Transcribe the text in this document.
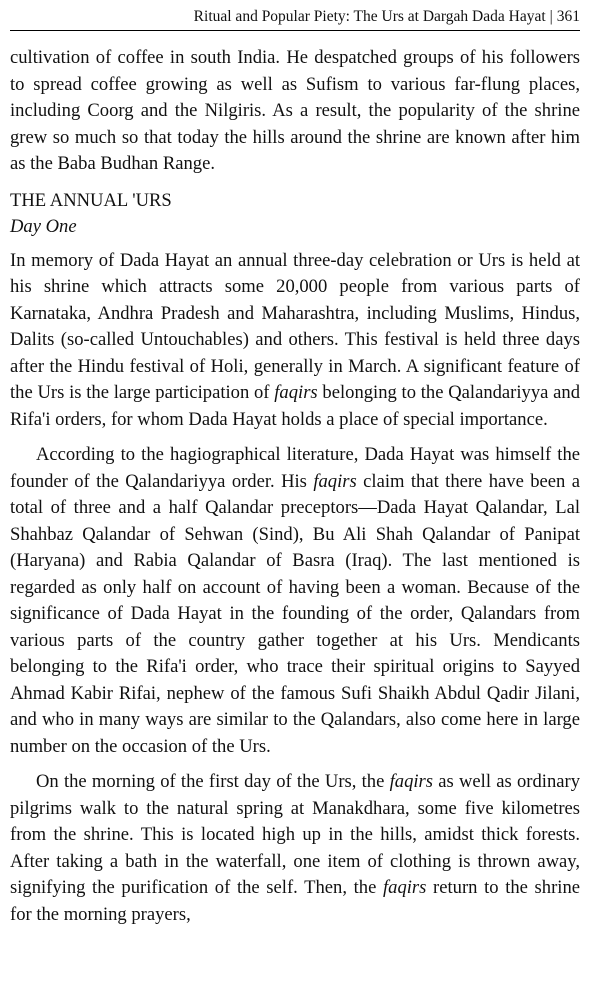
Ritual and Popular Piety: The Urs at Dargah Dada Hayat | 361

cultivation of coffee in south India. He despatched groups of his followers to spread coffee growing as well as Sufism to various far-flung places, including Coorg and the Nilgiris. As a result, the popularity of the shrine grew so much so that today the hills around the shrine are known after him as the Baba Budhan Range.

THE ANNUAL 'URS
Day One

In memory of Dada Hayat an annual three-day celebration or Urs is held at his shrine which attracts some 20,000 people from various parts of Karnataka, Andhra Pradesh and Maharashtra, including Muslims, Hindus, Dalits (so-called Untouchables) and others. This festival is held three days after the Hindu festival of Holi, generally in March. A significant feature of the Urs is the large participation of faqirs belonging to the Qalandariyya and Rifa'i orders, for whom Dada Hayat holds a place of special importance.

According to the hagiographical literature, Dada Hayat was himself the founder of the Qalandariyya order. His faqirs claim that there have been a total of three and a half Qalandar preceptors—Dada Hayat Qalandar, Lal Shahbaz Qalandar of Sehwan (Sind), Bu Ali Shah Qalandar of Panipat (Haryana) and Rabia Qalandar of Basra (Iraq). The last mentioned is regarded as only half on account of having been a woman. Because of the significance of Dada Hayat in the founding of the order, Qalandars from various parts of the country gather together at his Urs. Mendicants belonging to the Rifa'i order, who trace their spiritual origins to Sayyed Ahmad Kabir Rifai, nephew of the famous Sufi Shaikh Abdul Qadir Jilani, and who in many ways are similar to the Qalandars, also come here in large number on the occasion of the Urs.

On the morning of the first day of the Urs, the faqirs as well as ordinary pilgrims walk to the natural spring at Manakdhara, some five kilometres from the shrine. This is located high up in the hills, amidst thick forests. After taking a bath in the waterfall, one item of clothing is thrown away, signifying the purification of the self. Then, the faqirs return to the shrine for the morning prayers,
